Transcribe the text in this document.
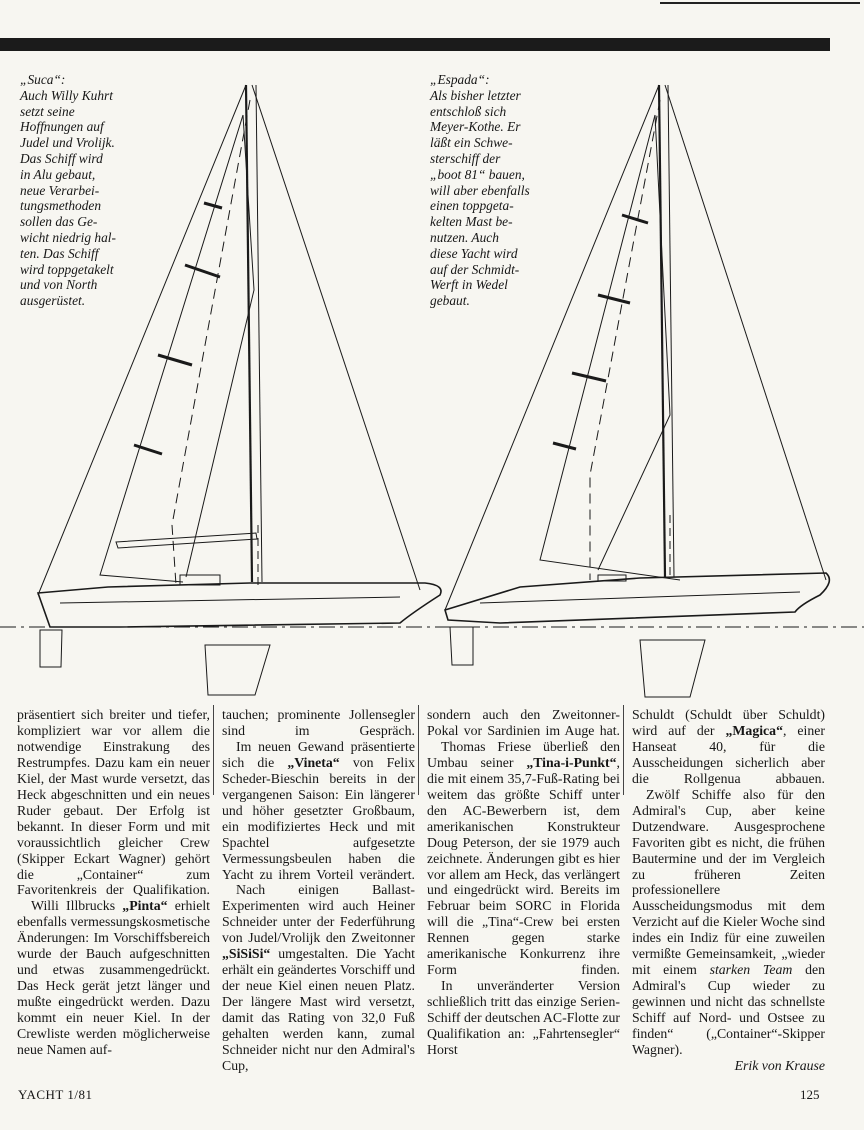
„Suca“:
Auch Willy Kuhrt
setzt seine
Hoffnungen auf
Judel und Vrolijk.
Das Schiff wird
in Alu gebaut,
neue Verarbei-
tungsmethoden
sollen das Ge-
wicht niedrig hal-
ten. Das Schiff
wird toppgetakelt
und von North
ausgerüstet.
„Espada“:
Als bisher letzter
entschloß sich
Meyer-Kothe. Er
läßt ein Schwe-
sterschiff der
„boot 81“ bauen,
will aber ebenfalls
einen toppgeta-
kelten Mast be-
nutzen. Auch
diese Yacht wird
auf der Schmidt-
Werft in Wedel
gebaut.

präsentiert sich breiter und tiefer, kompliziert war vor allem die notwendige Einstrakung des Restrumpfes. Dazu kam ein neuer Kiel, der Mast wurde versetzt, das Heck abgeschnitten und ein neues Ruder gebaut. Der Erfolg ist bekannt. In dieser Form und mit voraussichtlich gleicher Crew (Skipper Eckart Wagner) gehört die „Container“ zum Favoritenkreis der Qualifikation.

Willi Illbrucks „Pinta“ erhielt ebenfalls vermessungskosmetische Änderungen: Im Vorschiffsbereich wurde der Bauch aufgeschnitten und etwas zusammengedrückt. Das Heck gerät jetzt länger und mußte eingedrückt werden. Dazu kommt ein neuer Kiel. In der Crewliste werden möglicherweise neue Namen auf-

tauchen; prominente Jollensegler sind im Gespräch.

Im neuen Gewand präsentierte sich die „Vineta“ von Felix Scheder-Bieschin bereits in der vergangenen Saison: Ein längerer und höher gesetzter Großbaum, ein modifiziertes Heck und mit Spachtel aufgesetzte Vermessungsbeulen haben die Yacht zu ihrem Vorteil verändert.

Nach einigen Ballast-Experimenten wird auch Heiner Schneider unter der Federführung von Judel/Vrolijk den Zweitonner „SiSiSi“ umgestalten. Die Yacht erhält ein geändertes Vorschiff und der neue Kiel einen neuen Platz. Der längere Mast wird versetzt, damit das Rating von 32,0 Fuß gehalten werden kann, zumal Schneider nicht nur den Admiral's Cup,

sondern auch den Zweitonner-Pokal vor Sardinien im Auge hat.

Thomas Friese überließ den Umbau seiner „Tina-i-Punkt“, die mit einem 35,7-Fuß-Rating bei weitem das größte Schiff unter den AC-Bewerbern ist, dem amerikanischen Konstrukteur Doug Peterson, der sie 1979 auch zeichnete. Änderungen gibt es hier vor allem am Heck, das verlängert und eingedrückt wird. Bereits im Februar beim SORC in Florida will die „Tina“-Crew bei ersten Rennen gegen starke amerikanische Konkurrenz ihre Form finden.

In unveränderter Version schließlich tritt das einzige Serien-Schiff der deutschen AC-Flotte zur Qualifikation an: „Fahrtensegler“ Horst

Schuldt (Schuldt über Schuldt) wird auf der „Magica“, einer Hanseat 40, für die Ausscheidungen sicherlich aber die Rollgenua abbauen.

Zwölf Schiffe also für den Admiral's Cup, aber keine Dutzendware. Ausgesprochene Favoriten gibt es nicht, die frühen Bautermine und der im Vergleich zu früheren Zeiten professionellere Ausscheidungsmodus mit dem Verzicht auf die Kieler Woche sind indes ein Indiz für eine zuweilen vermißte Gemeinsamkeit, „wieder mit einem starken Team den Admiral's Cup wieder zu gewinnen und nicht das schnellste Schiff auf Nord- und Ostsee zu finden“ („Container“-Skipper Wagner).

Erik von Krause

YACHT 1/81	125
